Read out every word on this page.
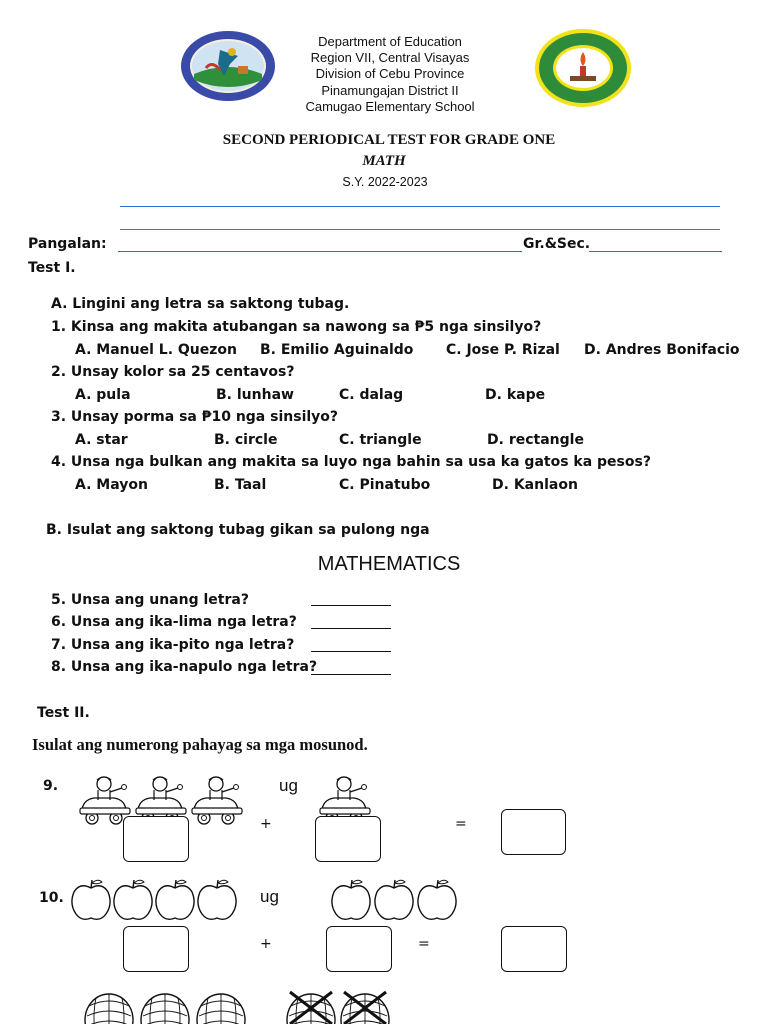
Department of Education
Region VII, Central Visayas
Division of Cebu Province
Pinamungajan District II
Camugao Elementary School
SECOND PERIODICAL TEST FOR GRADE ONE
MATH
S.Y. 2022-2023
Pangalan:	Gr.&Sec.
Test I.
A. Lingini ang letra sa saktong tubag.
1. Kinsa ang makita atubangan sa nawong sa ₱5 nga sinsilyo?
A. Manuel L. Quezon B. Emilio Aguinaldo C. Jose P. Rizal D. Andres Bonifacio
2. Unsay kolor sa 25 centavos?
A. pula	B. lunhaw	C. dalag	D. kape
3. Unsay porma sa ₱10 nga sinsilyo?
A. star	B. circle	C. triangle	D. rectangle
4. Unsa nga bulkan ang makita sa luyo nga bahin sa usa ka gatos ka pesos?
A. Mayon	B. Taal	C. Pinatubo	D. Kanlaon
B. Isulat ang saktong tubag gikan sa pulong nga
MATHEMATICS
5. Unsa ang unang letra?
6. Unsa ang ika-lima nga letra?
7. Unsa ang ika-pito nga letra?
8. Unsa ang ika-napulo nga letra?
Test II.
Isulat ang numerong pahayag sa mga mosunod.
9.	ug
+	=
10.	ug
+	=
